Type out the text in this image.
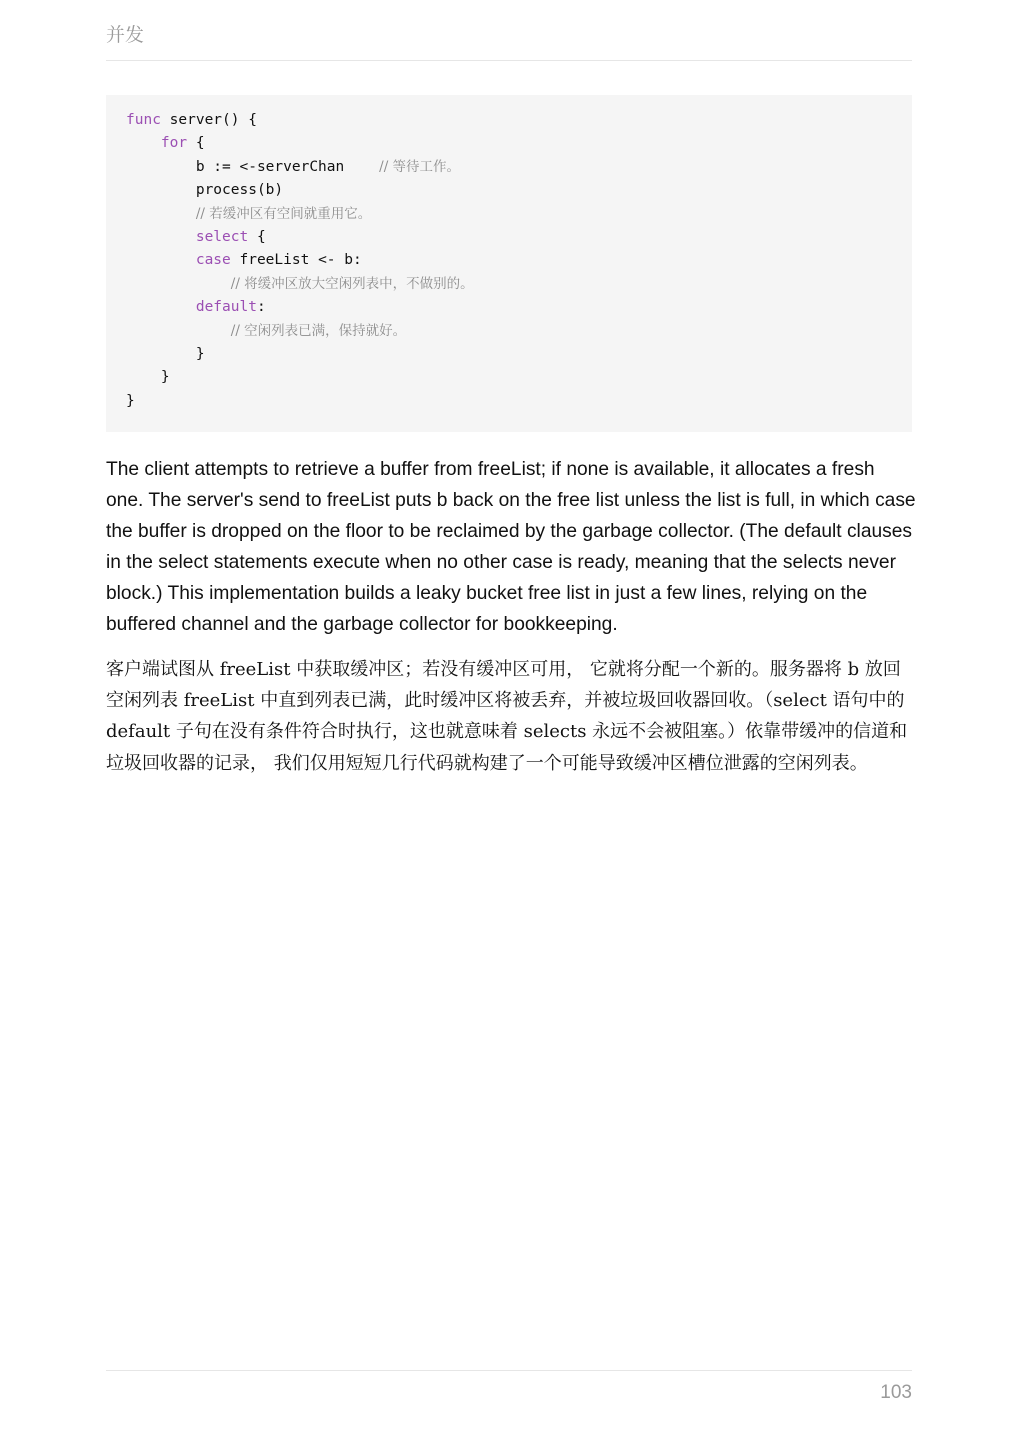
并发
func server() {
for {
b := <-serverChan    // 等待工作。
process(b)
// 若缓冲区有空间就重用它。
select {
case freeList <- b:
// 将缓冲区放大空闲列表中，不做别的。
default:
// 空闲列表已满，保持就好。
}
}
}

The client attempts to retrieve a buffer from freeList; if none is available, it allocates a fresh one. The server's send to freeList puts b back on the free list unless the list is full, in which case the buffer is dropped on the floor to be reclaimed by the garbage collector. (The default clauses in the select statements execute when no other case is ready, meaning that the selects never block.) This implementation builds a leaky bucket free list in just a few lines, relying on the buffered channel and the garbage collector for bookkeeping.

客户端试图从 freeList 中获取缓冲区；若没有缓冲区可用， 它就将分配一个新的。服务器将 b 放回空闲列表 freeList 中直到列表已满，此时缓冲区将被丢弃，并被垃圾回收器回收。（select 语句中的 default 子句在没有条件符合时执行，这也就意味着 selects 永远不会被阻塞。）依靠带缓冲的信道和垃圾回收器的记录， 我们仅用短短几行代码就构建了一个可能导致缓冲区槽位泄露的空闲列表。

103
